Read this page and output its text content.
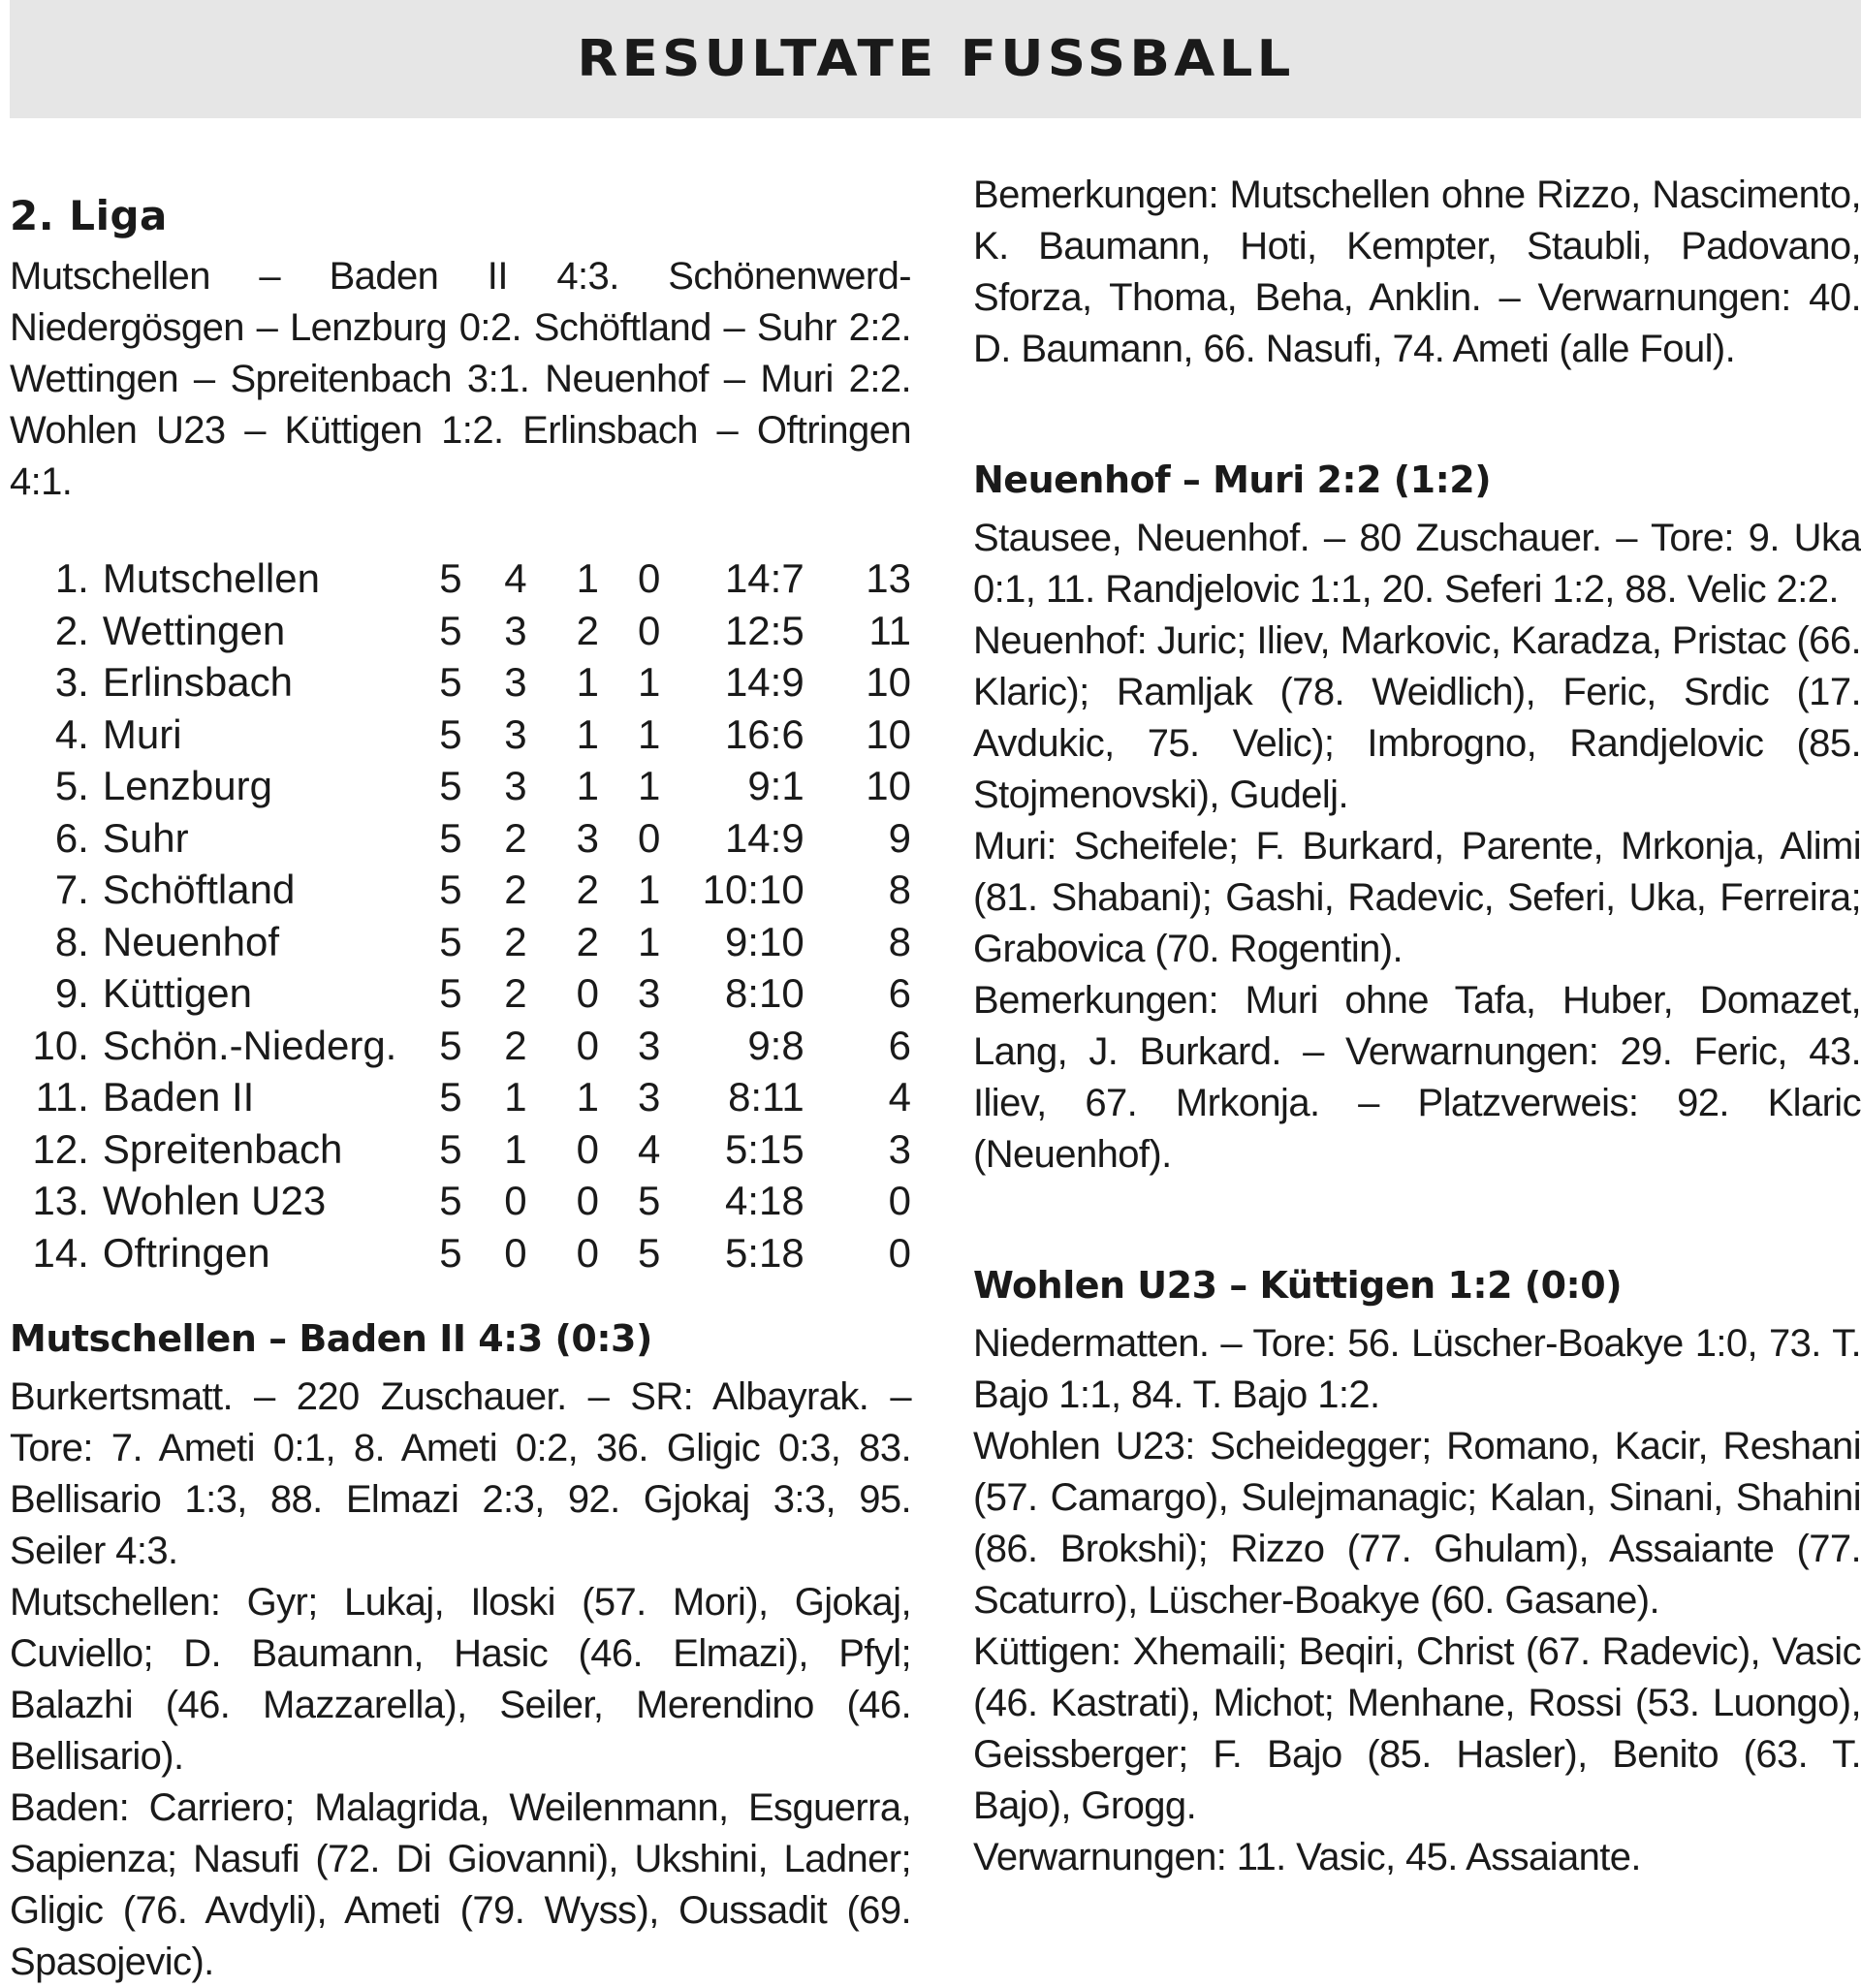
RESULTATE FUSSBALL
2. Liga

Mutschellen – Baden II 4:3. Schönenwerd-Niedergösgen – Lenzburg 0:2. Schöftland – Suhr 2:2. Wettingen – Spreitenbach 3:1. Neuenhof – Muri 2:2. Wohlen U23 – Küttigen 1:2. Erlinsbach – Oftringen 4:1.

1.	Mutschellen	5	4	1	0	14:7	13
2.	Wettingen	5	3	2	0	12:5	11
3.	Erlinsbach	5	3	1	1	14:9	10
4.	Muri	5	3	1	1	16:6	10
5.	Lenzburg	5	3	1	1	9:1	10
6.	Suhr	5	2	3	0	14:9	9
7.	Schöftland	5	2	2	1	10:10	8
8.	Neuenhof	5	2	2	1	9:10	8
9.	Küttigen	5	2	0	3	8:10	6
10.	Schön.-Niederg.	5	2	0	3	9:8	6
11.	Baden II	5	1	1	3	8:11	4
12.	Spreitenbach	5	1	0	4	5:15	3
13.	Wohlen U23	5	0	0	5	4:18	0
14.	Oftringen	5	0	0	5	5:18	0
Mutschellen – Baden II 4:3 (0:3)

Burkertsmatt. – 220 Zuschauer. – SR: Albayrak. – Tore: 7. Ameti 0:1, 8. Ameti 0:2, 36. Gligic 0:3, 83. Bellisario 1:3, 88. Elmazi 2:3, 92. Gjokaj 3:3, 95. Seiler 4:3.

Mutschellen: Gyr; Lukaj, Iloski (57. Mori), Gjokaj, Cuviello; D. Baumann, Hasic (46. Elmazi), Pfyl; Balazhi (46. Mazzarella), Seiler, Merendino (46. Bellisario).

Baden: Carriero; Malagrida, Weilenmann, Esguerra, Sapienza; Nasufi (72. Di Giovanni), Ukshini, Ladner; Gligic (76. Avdyli), Ameti (79. Wyss), Oussadit (69. Spasojevic).

Bemerkungen: Mutschellen ohne Rizzo, Nascimento, K. Baumann, Hoti, Kempter, Staubli, Padovano, Sforza, Thoma, Beha, Anklin. – Verwarnungen: 40. D. Baumann, 66. Nasufi, 74. Ameti (alle Foul).

Neuenhof – Muri 2:2 (1:2)

Stausee, Neuenhof. – 80 Zuschauer. – Tore: 9. Uka 0:1, 11. Randjelovic 1:1, 20. Seferi 1:2, 88. Velic 2:2.

Neuenhof: Juric; Iliev, Markovic, Karadza, Pristac (66. Klaric); Ramljak (78. Weidlich), Feric, Srdic (17. Avdukic, 75. Velic); Imbrogno, Randjelovic (85. Stojmenovski), Gudelj.

Muri: Scheifele; F. Burkard, Parente, Mrkonja, Alimi (81. Shabani); Gashi, Radevic, Seferi, Uka, Ferreira; Grabovica (70. Rogentin).

Bemerkungen: Muri ohne Tafa, Huber, Domazet, Lang, J. Burkard. – Verwarnungen: 29. Feric, 43. Iliev, 67. Mrkonja. – Platzverweis: 92. Klaric (Neuenhof).

Wohlen U23 – Küttigen 1:2 (0:0)

Niedermatten. – Tore: 56. Lüscher-Boakye 1:0, 73. T. Bajo 1:1, 84. T. Bajo 1:2.

Wohlen U23: Scheidegger; Romano, Kacir, Reshani (57. Camargo), Sulejmanagic; Kalan, Sinani, Shahini (86. Brokshi); Rizzo (77. Ghulam), Assaiante (77. Scaturro), Lüscher-Boakye (60. Gasane).

Küttigen: Xhemaili; Beqiri, Christ (67. Radevic), Vasic (46. Kastrati), Michot; Menhane, Rossi (53. Luongo), Geissberger; F. Bajo (85. Hasler), Benito (63. T. Bajo), Grogg.

Verwarnungen: 11. Vasic, 45. Assaiante.
